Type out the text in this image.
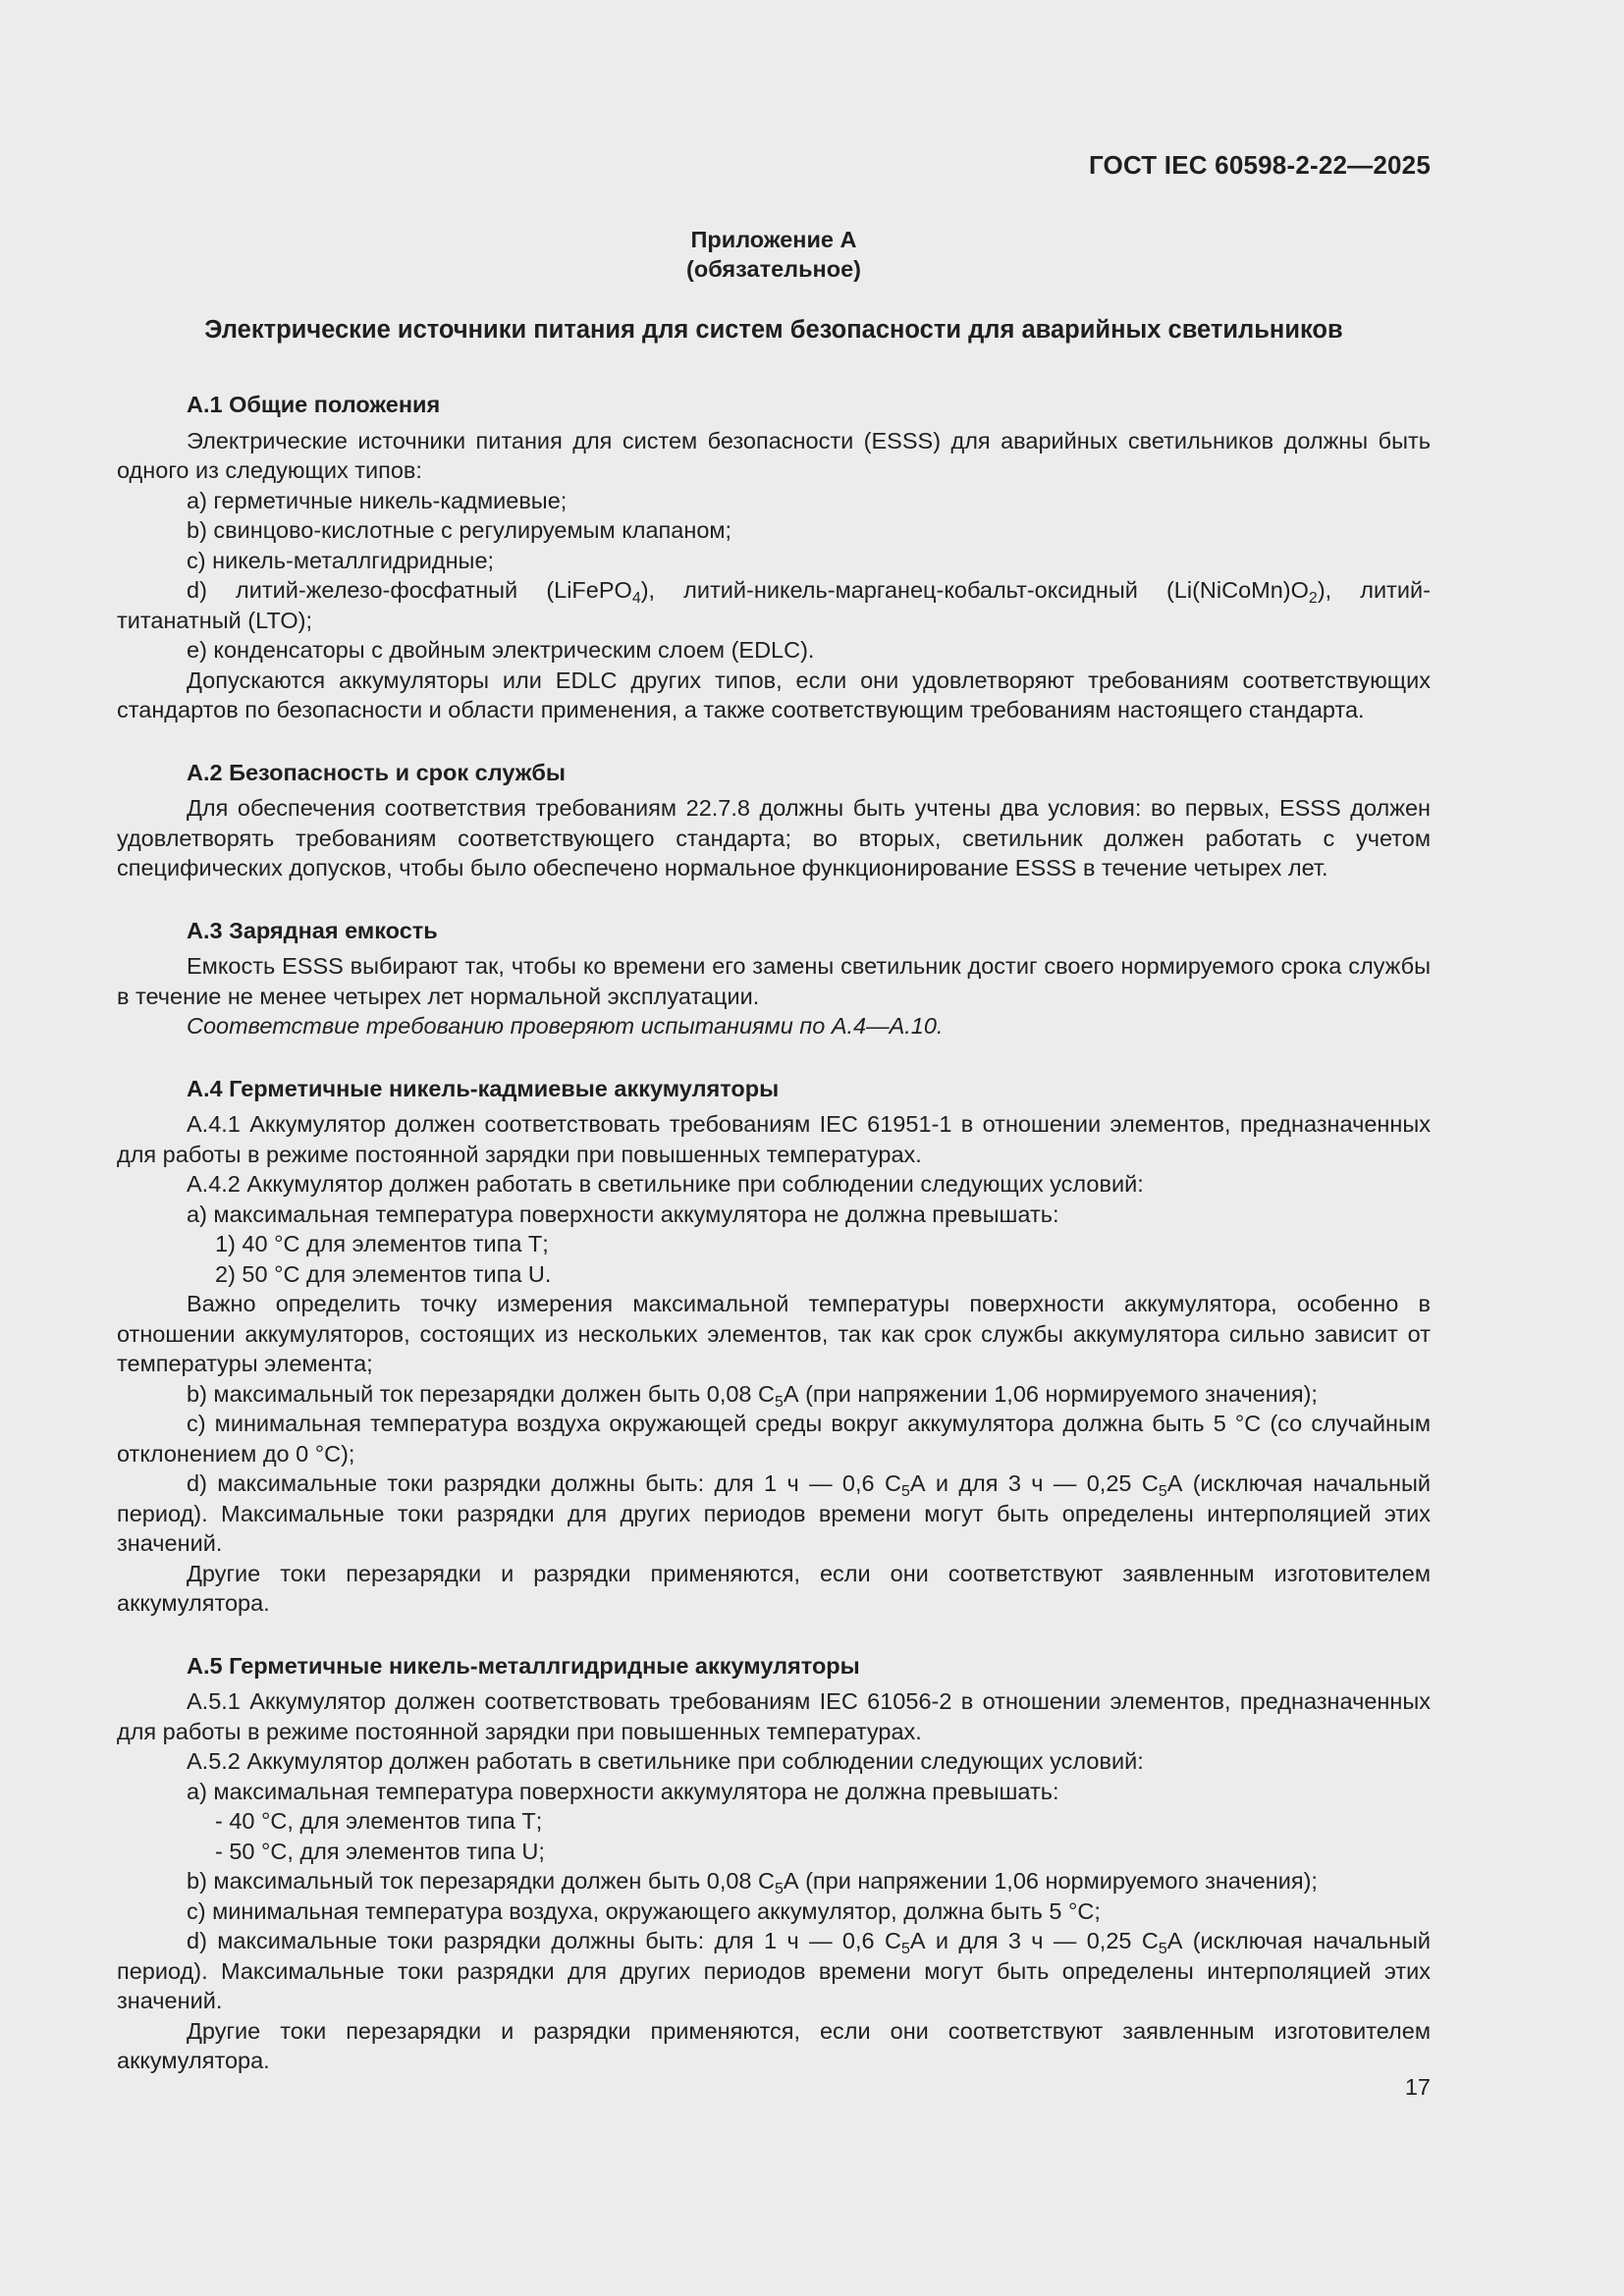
ГОСТ IEC 60598-2-22—2025
Приложение А
(обязательное)
Электрические источники питания для систем безопасности для аварийных светильников
А.1 Общие положения

Электрические источники питания для систем безопасности (ESSS) для аварийных светильников должны быть одного из следующих типов:

a) герметичные никель-кадмиевые;

b) свинцово-кислотные с регулируемым клапаном;

c) никель-металлгидридные;

d) литий-железо-фосфатный (LiFePO$_4$), литий-никель-марганец-кобальт-оксидный $(Li(NiCoMn)O_2)$, литий-титанатный (LTO);

e) конденсаторы с двойным электрическим слоем (EDLC).

Допускаются аккумуляторы или EDLC других типов, если они удовлетворяют требованиям соответствующих стандартов по безопасности и области применения, а также соответствующим требованиям настоящего стандарта.

А.2 Безопасность и срок службы

Для обеспечения соответствия требованиям 22.7.8 должны быть учтены два условия: во первых, ESSS должен удовлетворять требованиям соответствующего стандарта; во вторых, светильник должен работать с учетом специфических допусков, чтобы было обеспечено нормальное функционирование ESSS в течение четырех лет.

А.3 Зарядная емкость

Емкость ESSS выбирают так, чтобы ко времени его замены светильник достиг своего нормируемого срока службы в течение не менее четырех лет нормальной эксплуатации.

Соответствие требованию проверяют испытаниями по А.4—А.10.

А.4 Герметичные никель-кадмиевые аккумуляторы

А.4.1 Аккумулятор должен соответствовать требованиям IEC 61951-1 в отношении элементов, предназначенных для работы в режиме постоянной зарядки при повышенных температурах.

А.4.2 Аккумулятор должен работать в светильнике при соблюдении следующих условий:

a) максимальная температура поверхности аккумулятора не должна превышать:

1) 40 °С для элементов типа Т;

2) 50 °С для элементов типа U.

Важно определить точку измерения максимальной температуры поверхности аккумулятора, особенно в отношении аккумуляторов, состоящих из нескольких элементов, так как срок службы аккумулятора сильно зависит от температуры элемента;

b) максимальный ток перезарядки должен быть 0,08 $С_5А$ (при напряжении 1,06 нормируемого значения);

c) минимальная температура воздуха окружающей среды вокруг аккумулятора должна быть 5 °С (со случайным отклонением до 0 °С);

d) максимальные токи разрядки должны быть: для 1 ч — 0,6 $С_5А$ и для 3 ч — 0,25 $С_5А$ (исключая начальный период). Максимальные токи разрядки для других периодов времени могут быть определены интерполяцией этих значений.

Другие токи перезарядки и разрядки применяются, если они соответствуют заявленным изготовителем аккумулятора.

А.5 Герметичные никель-металлгидридные аккумуляторы

А.5.1 Аккумулятор должен соответствовать требованиям IEC 61056-2 в отношении элементов, предназначенных для работы в режиме постоянной зарядки при повышенных температурах.

А.5.2 Аккумулятор должен работать в светильнике при соблюдении следующих условий:

a) максимальная температура поверхности аккумулятора не должна превышать:

- 40 °С, для элементов типа Т;

- 50 °С, для элементов типа U;

b) максимальный ток перезарядки должен быть 0,08 $С_5А$ (при напряжении 1,06 нормируемого значения);

c) минимальная температура воздуха, окружающего аккумулятор, должна быть 5 °С;

d) максимальные токи разрядки должны быть: для 1 ч — 0,6 $С_5А$ и для 3 ч — 0,25 $С_5А$ (исключая начальный период). Максимальные токи разрядки для других периодов времени могут быть определены интерполяцией этих значений.

Другие токи перезарядки и разрядки применяются, если они соответствуют заявленным изготовителем аккумулятора.

17
